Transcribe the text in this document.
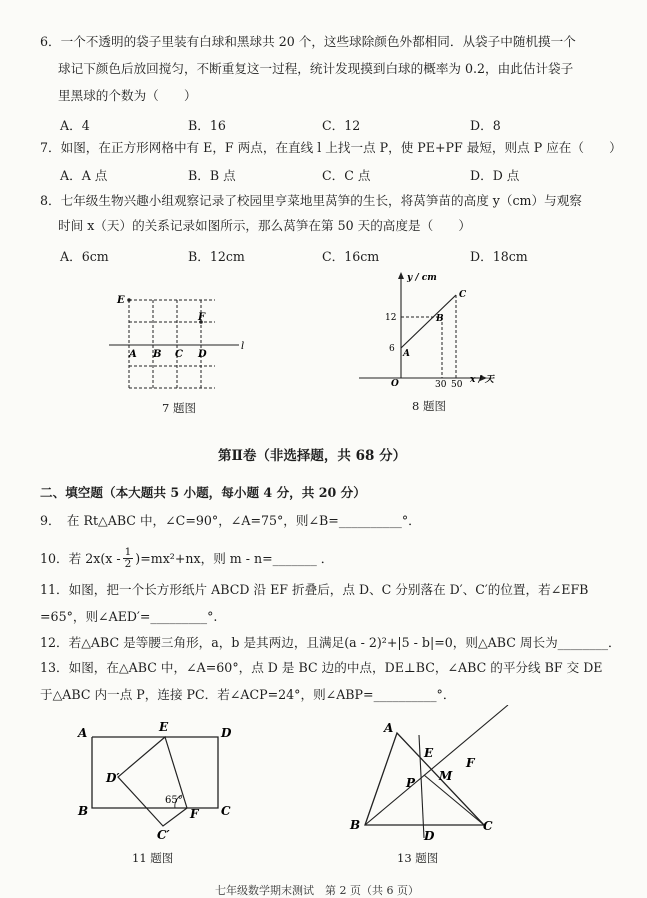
6．一个不透明的袋子里装有白球和黑球共 20 个，这些球除颜色外都相同．从袋子中随机摸一个
球记下颜色后放回搅匀，不断重复这一过程，统计发现摸到白球的概率为 0.2，由此估计袋子
里黑球的个数为（　　）
A．4	B．16	C．12	D．8
7．如图，在正方形网格中有 E，F 两点，在直线 l 上找一点 P，使 PE+PF 最短，则点 P 应在（　　）
A．A 点	B．B 点	C．C 点	D．D 点
8．七年级生物兴趣小组观察记录了校园里亨菜地里莴笋的生长，将莴笋苗的高度 y（cm）与观察
时间 x（天）的关系记录如图所示，那么莴笋在第 50 天的高度是（　　）
A．6cm	B．12cm	C．16cm	D．18cm
E
F
l
A B C D
7 题图
y / cm
x / 天
O
6
12
30 50
A
B
C
8 题图
第Ⅱ卷（非选择题，共 68 分）
二、填空题（本大题共 5 小题，每小题 4 分，共 20 分）
9．　在 Rt△ABC 中，∠C=90°，∠A=75°，则∠B=__________°．
10．若 $2x(x - \frac{1}{2} )=mx^2+nx$，则 m - n=_______ ．
11．如图，把一个长方形纸片 ABCD 沿 EF 折叠后，点 D、C 分别落在 D′、C′的位置，若∠EFB
=65°，则∠AED′=_________°.
12．若△ABC 是等腰三角形，a，b 是其两边，且满足(a - 2)²+|5 - b|=0，则△ABC 周长为________．
13．如图，在△ABC 中，∠A=60°，点 D 是 BC 边的中点，DE⊥BC，∠ABC 的平分线 BF 交 DE
于△ABC 内一点 P，连接 PC．若∠ACP=24°，则∠ABP=__________°．
A
B
D
C
E
F
D′
C′
65°
11 题图
A
B	C
D
E
F
M
P
13 题图
七年级数学期末测试　第 2 页（共 6 页）
